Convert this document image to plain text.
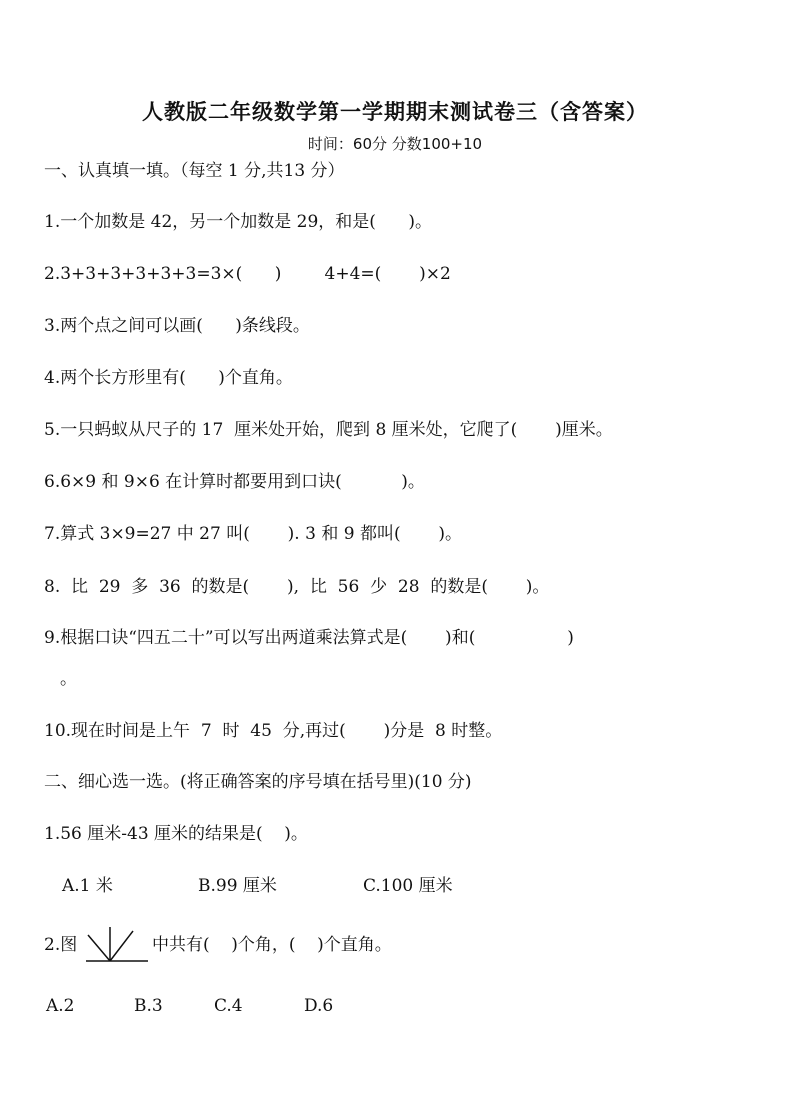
人教版二年级数学第一学期期末测试卷三（含答案）
时间：60分 分数100+10
一、认真填一填。（每空 1 分,共13 分）
1.一个加数是 42，另一个加数是 29，和是(      )。
2.3+3+3+3+3+3=3×(      )        4+4=(       )×2
3.两个点之间可以画(      )条线段。
4.两个长方形里有(      )个直角。
5.一只蚂蚁从尺子的 17  厘米处开始，爬到 8 厘米处，它爬了(       )厘米。
6.6×9 和 9×6 在计算时都要用到口诀(           )。
7.算式 3×9=27 中 27 叫(       ). 3 和 9 都叫(       )。
8.  比  29  多  36  的数是(       ),  比  56  少  28  的数是(       )。
9.根据口诀“四五二十”可以写出两道乘法算式是(       )和(                 )
。
10.现在时间是上午  7  时  45  分,再过(       )分是  8 时整。
二、细心选一选。(将正确答案的序号填在括号里)(10 分)
1.56 厘米-43 厘米的结果是(    )。
A.1 米	B.99 厘米	C.100 厘米
2.图	中共有(    )个角，(    )个直角。
A.2	B.3	C.4	D.6
